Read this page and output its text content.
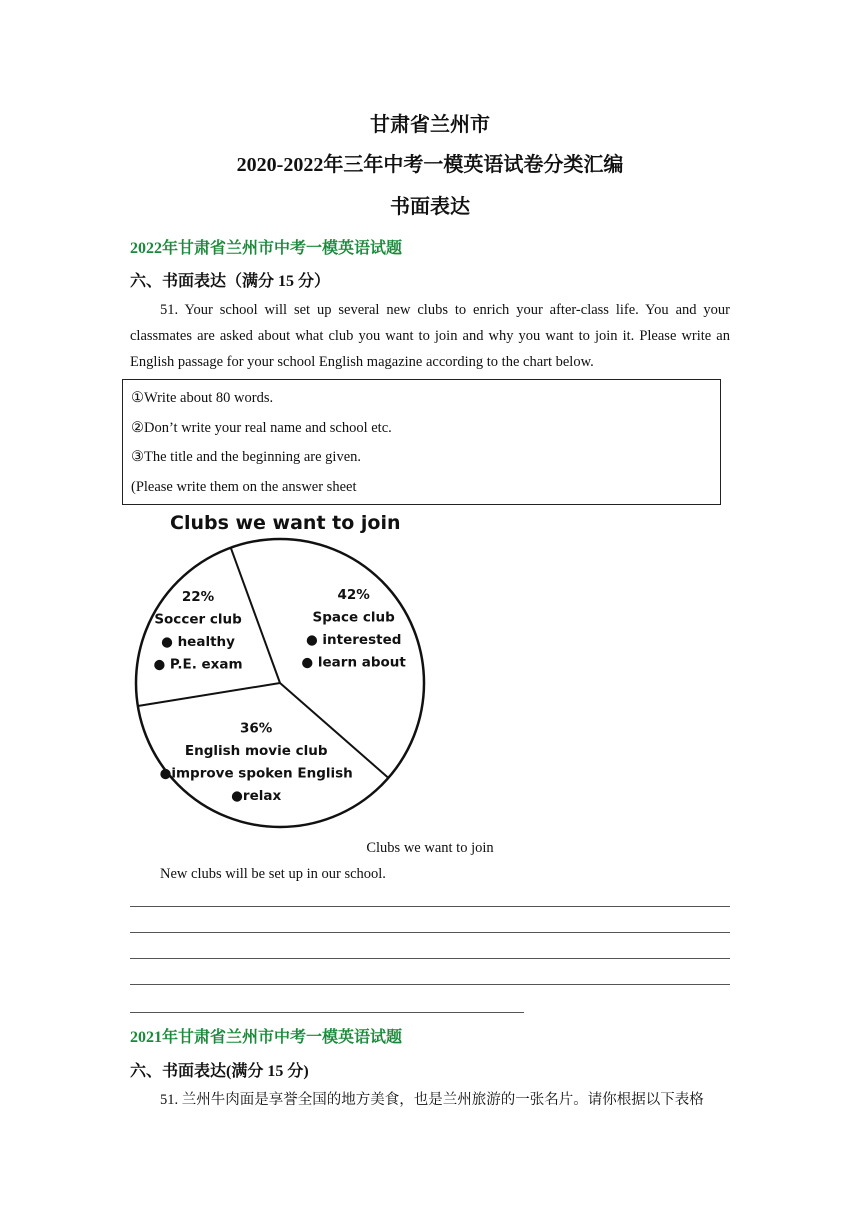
甘肃省兰州市

2020-2022年三年中考一模英语试卷分类汇编

书面表达

2022年甘肃省兰州市中考一模英语试题

六、书面表达（满分 15 分）

51. Your school will set up several new clubs to enrich your after-class life. You and your classmates are asked about what club you want to join and why you want to join it. Please write an English passage for your school English magazine according to the chart below.

①Write about 80 words.

②Don’t write your real name and school etc.

③The title and the beginning are given.

(Please write them on the answer sheet

Clubs we want to join
42%
Space club
● interested
● learn about
36%
English movie club
●improve spoken English
●relax
22%
Soccer club
● healthy
● P.E. exam

Clubs we want to join

New clubs will be set up in our school.

2021年甘肃省兰州市中考一模英语试题

六、书面表达(满分 15 分)

51. 兰州牛肉面是享誉全国的地方美食，也是兰州旅游的一张名片。请你根据以下表格
